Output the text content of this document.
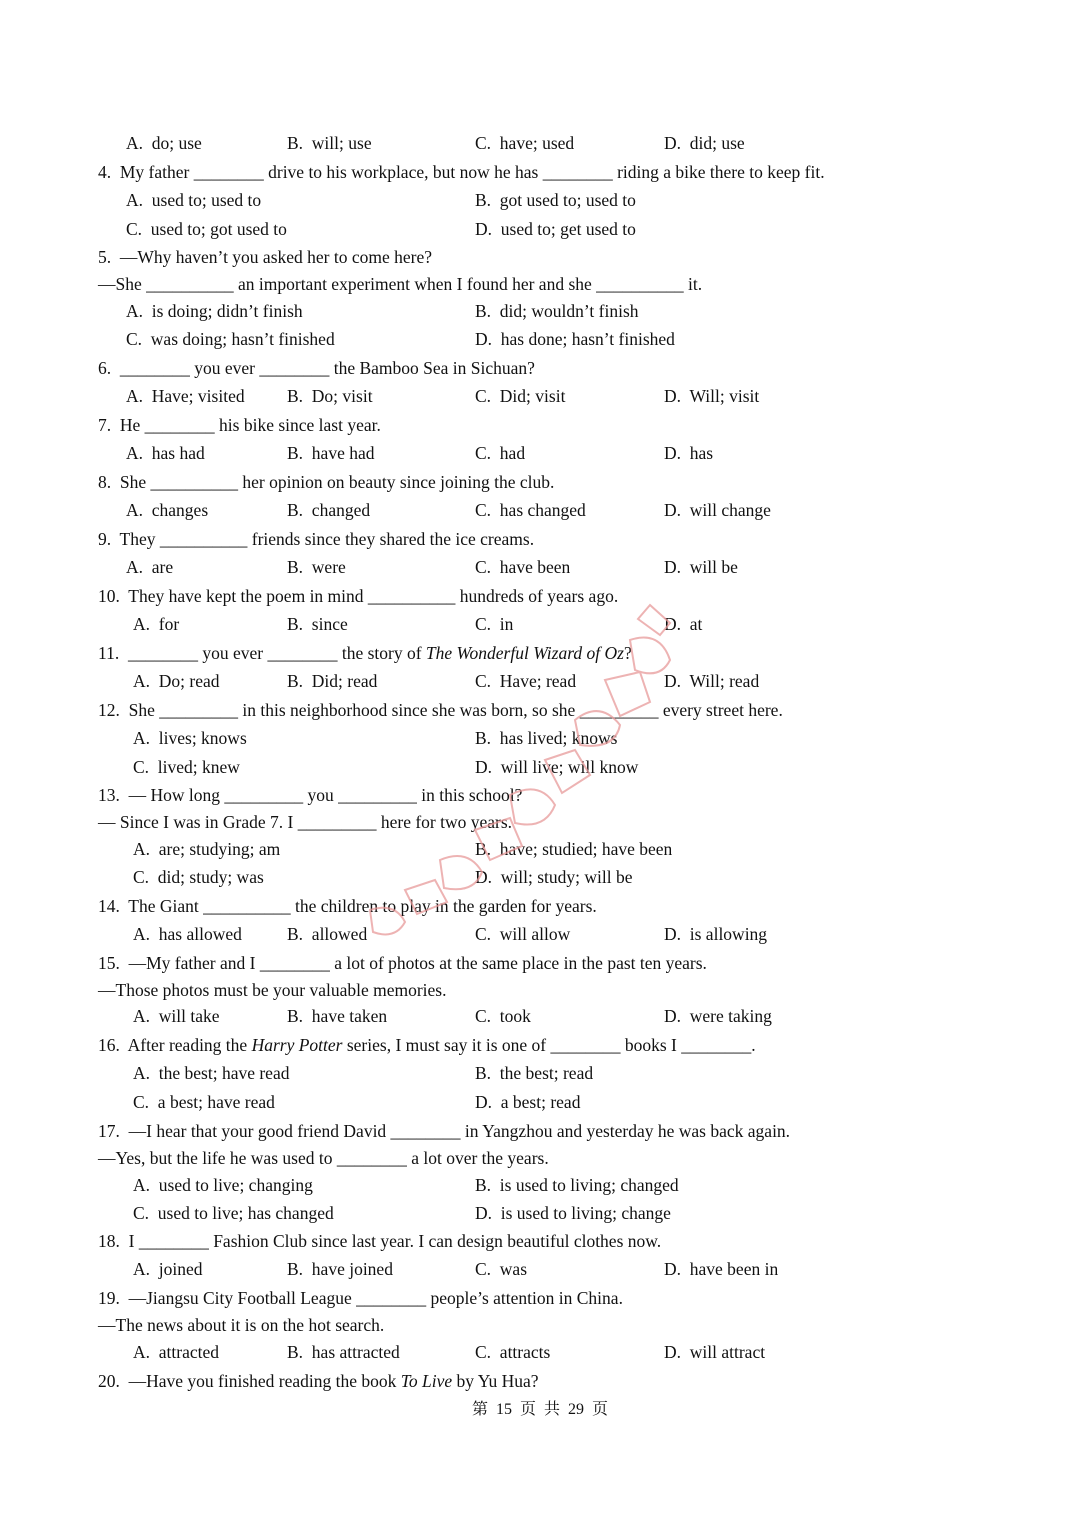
A.  do; use	B.  will; use	C.  have; used	D.  did; use
4.  My father ________ drive to his workplace, but now he has ________ riding a bike there to keep fit.
A.  used to; used to	B.  got used to; used to
C.  used to; got used to	D.  used to; get used to
5.  —Why haven’t you asked her to come here?
—She __________ an important experiment when I found her and she __________ it.
A.  is doing; didn’t finish	B.  did; wouldn’t finish
C.  was doing; hasn’t finished	D.  has done; hasn’t finished
6.  ________ you ever ________ the Bamboo Sea in Sichuan?
A.  Have; visited B.  Do; visit	C.  Did; visit	D.  Will; visit
7.  He ________ his bike since last year.
A.  has had	B.  have had	C.  had	D.  has
8.  She __________ her opinion on beauty since joining the club.
A.  changes	B.  changed	C.  has changed	D.  will change
9.  They __________ friends since they shared the ice creams.
A.  are	B.  were	C.  have been	D.  will be
10.  They have kept the poem in mind __________ hundreds of years ago.
A.  for	B.  since	C.  in	D.  at
11.  ________ you ever ________ the story of The Wonderful Wizard of Oz?
A.  Do; read	B.  Did; read	C.  Have; read	D.  Will; read
12.  She _________ in this neighborhood since she was born, so she _________ every street here.
A.  lives; knows	B.  has lived; knows
C.  lived; knew	D.  will live; will know
13.  — How long _________ you _________ in this school?
— Since I was in Grade 7. I _________ here for two years.
A.  are; studying; am	B.  have; studied; have been
C.  did; study; was	D.  will; study; will be
14.  The Giant __________ the children to play in the garden for years.
A.  has allowed	B.  allowed	C.  will allow	D.  is allowing
15.  —My father and I ________ a lot of photos at the same place in the past ten years.
—Those photos must be your valuable memories.
A.  will take	B.  have taken	C.  took	D.  were taking
16.  After reading the Harry Potter series, I must say it is one of ________ books I ________.
A.  the best; have read	B.  the best; read
C.  a best; have read	D.  a best; read
17.  —I hear that your good friend David ________ in Yangzhou and yesterday he was back again.
—Yes, but the life he was used to ________ a lot over the years.
A.  used to live; changing	B.  is used to living; changed
C.  used to live; has changed	D.  is used to living; change
18.  I ________ Fashion Club since last year. I can design beautiful clothes now.
A.  joined	B.  have joined	C.  was	D.  have been in
19.  —Jiangsu City Football League ________ people’s attention in China.
—The news about it is on the hot search.
A.  attracted	B.  has attracted	C.  attracts	D.  will attract
20.  —Have you finished reading the book To Live by Yu Hua?
第 15 页 共 29 页
